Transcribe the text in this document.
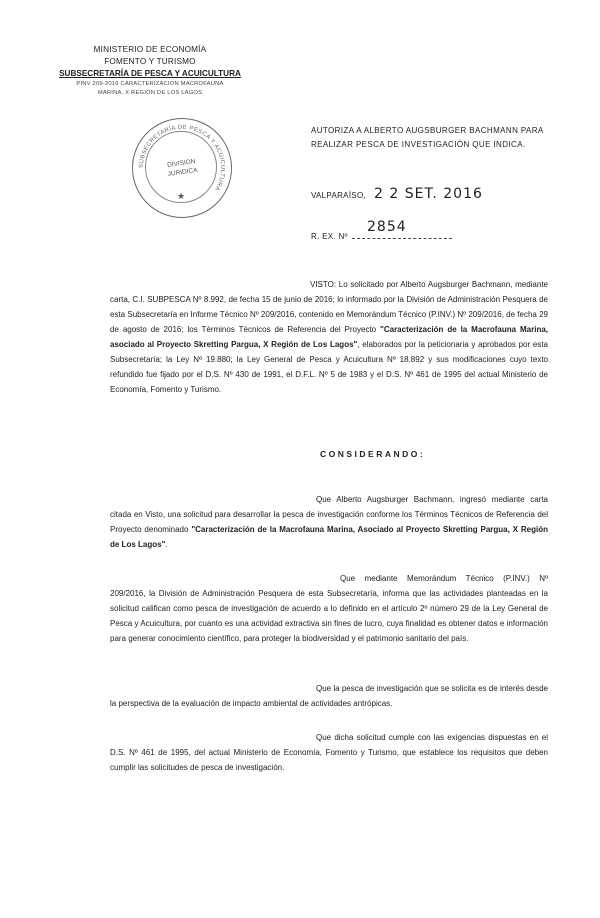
MINISTERIO DE ECONOMÍA
FOMENTO Y TURISMO
SUBSECRETARÍA DE PESCA Y ACUICULTURA
PINV 209-2016 CARACTERIZACION MACROFAUNA
MARINA, X REGIÓN DE LOS LAGOS
SUBSECRETARÍA DE PESCA Y ACUICULTURA
DIVISION
JURIDICA
★
AUTORIZA A ALBERTO AUGSBURGER BACHMANN PARA REALIZAR PESCA DE INVESTIGACIÓN QUE INDICA.
VALPARAÍSO, 2 2 SET. 2016
R. EX. Nº
2854
VISTO: Lo solicitado por Alberto Augsburger Bachmann, mediante carta, C.I. SUBPESCA Nº 8.992, de fecha 15 de junio de 2016; lo informado por la División de Administración Pesquera de esta Subsecretaría en Informe Técnico Nº 209/2016, contenido en Memorándum Técnico (P.INV.) Nº 209/2016, de fecha 29 de agosto de 2016; los Términos Técnicos de Referencia del Proyecto "Caracterización de la Macrofauna Marina, asociado al Proyecto Skretting Pargua, X Región de Los Lagos", elaborados por la peticionaria y aprobados por esta Subsecretaría; la Ley Nº 19.880; la Ley General de Pesca y Acuicultura Nº 18.892 y sus modificaciones cuyo texto refundido fue fijado por el D.S. Nº 430 de 1991, el D.F.L. Nº 5 de 1983 y el D.S. Nº 461 de 1995 del actual Ministerio de Economía, Fomento y Turismo.
CONSIDERANDO:
Que Alberto Augsburger Bachmann, ingresó mediante carta citada en Visto, una solicitud para desarrollar la pesca de investigación conforme los Términos Técnicos de Referencia del Proyecto denominado "Caracterización de la Macrofauna Marina, Asociado al Proyecto Skretting Pargua, X Región de Los Lagos".
Que mediante Memorándum Técnico (P.INV.) Nº 209/2016, la División de Administración Pesquera de esta Subsecretaría, informa que las actividades planteadas en la solicitud califican como pesca de investigación de acuerdo a lo definido en el artículo 2º número 29 de la Ley General de Pesca y Acuicultura, por cuanto es una actividad extractiva sin fines de lucro, cuya finalidad es obtener datos e información para generar conocimiento científico, para proteger la biodiversidad y el patrimonio sanitario del país.
Que la pesca de investigación que se solicita es de interés desde la perspectiva de la evaluación de impacto ambiental de actividades antrópicas.
Que dicha solicitud cumple con las exigencias dispuestas en el D.S. Nº 461 de 1995, del actual Ministerio de Economía, Fomento y Turismo, que establece los requisitos que deben cumplir las solicitudes de pesca de investigación.
